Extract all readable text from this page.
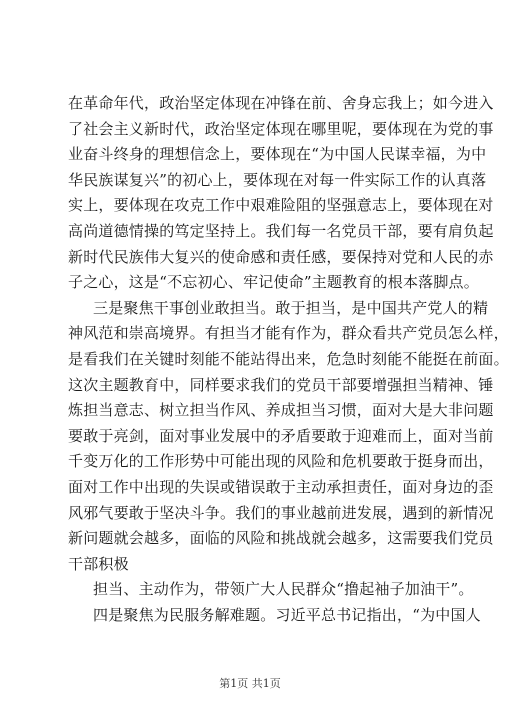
在革命年代，政治坚定体现在冲锋在前、舍身忘我上；如今进入
了社会主义新时代，政治坚定体现在哪里呢，要体现在为党的事
业奋斗终身的理想信念上，要体现在“为中国人民谋幸福，为中
华民族谋复兴”的初心上，要体现在对每一件实际工作的认真落
实上，要体现在攻克工作中艰难险阻的坚强意志上，要体现在对
高尚道德情操的笃定坚持上。我们每一名党员干部，要有肩负起
新时代民族伟大复兴的使命感和责任感，要保持对党和人民的赤
子之心，这是“不忘初心、牢记使命”主题教育的根本落脚点。
三是聚焦干事创业敢担当。敢于担当，是中国共产党人的精
神风范和崇高境界。有担当才能有作为，群众看共产党员怎么样，
是看我们在关键时刻能不能站得出来，危急时刻能不能挺在前面。
这次主题教育中，同样要求我们的党员干部要增强担当精神、锤
炼担当意志、树立担当作风、养成担当习惯，面对大是大非问题
要敢于亮剑，面对事业发展中的矛盾要敢于迎难而上，面对当前
千变万化的工作形势中可能出现的风险和危机要敢于挺身而出，
面对工作中出现的失误或错误敢于主动承担责任，面对身边的歪
风邪气要敢于坚决斗争。我们的事业越前进发展，遇到的新情况
新问题就会越多，面临的风险和挑战就会越多，这需要我们党员
干部积极
担当、主动作为，带领广大人民群众“撸起袖子加油干”。
四是聚焦为民服务解难题。习近平总书记指出，“为中国人
第1页 共1页
